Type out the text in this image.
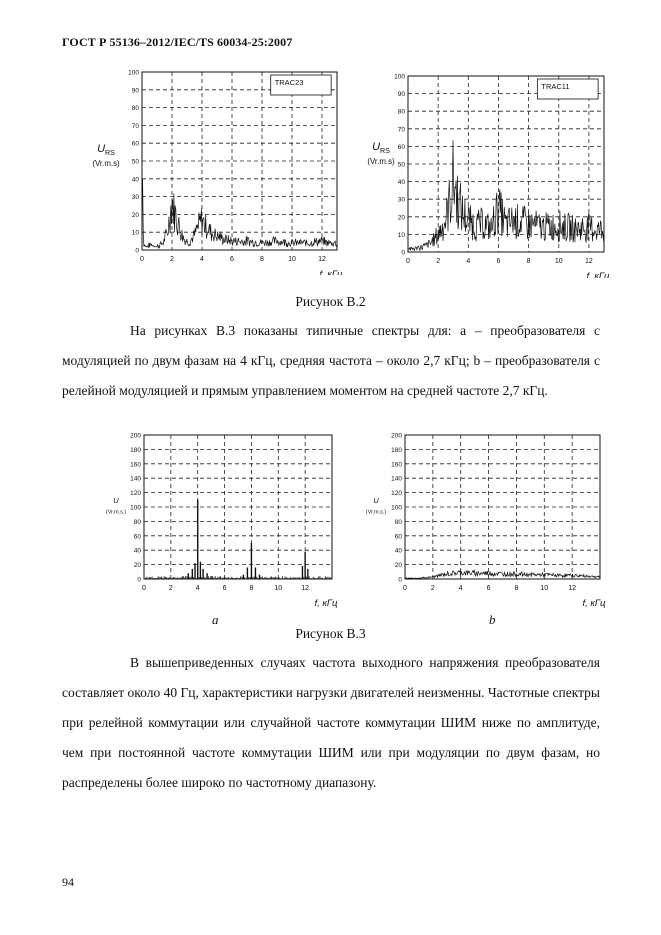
ГОСТ Р 55136–2012/IEC/TS 60034-25:2007
0	2	4	6	8	10	12
0
10
20
30
40
50
60
70
80
90
100
TRAC23
$U_{RS}$
(Vr.m.s)
f, кГц
0	2	4	6	8	10	12
0
10
20
30
40
50
60
70
80
90
100
TRAC11
$U_{RS}$
(Vr.m.s)
f, кГц
Рисунок В.2
На рисунках В.3 показаны типичные спектры для: a – преобразователя с модуляцией по двум фазам на 4 кГц, средняя частота – около 2,7 кГц; b – преобразователя с релейной модуляцией и прямым управлением моментом на средней частоте 2,7 кГц.
0	2	4	6	8	10	12
0
20
40
60
80
100
120
140
160
180
200
U
(Vr.m.s.)
f, кГц
0	2	4	6	8	10	12
0
20
40
60
80
100
120
140
160
180
200
U
(Vr.m.s.)
f, кГц
a	b
Рисунок В.3
В вышеприведенных случаях частота выходного напряжения преобразователя составляет около 40 Гц, характеристики нагрузки двигателей неизменны. Частотные спектры при релейной коммутации или случайной частоте коммутации ШИМ ниже по амплитуде, чем при постоянной частоте коммутации ШИМ или при модуляции по двум фазам, но распределены более широко по частотному диапазону.
94
